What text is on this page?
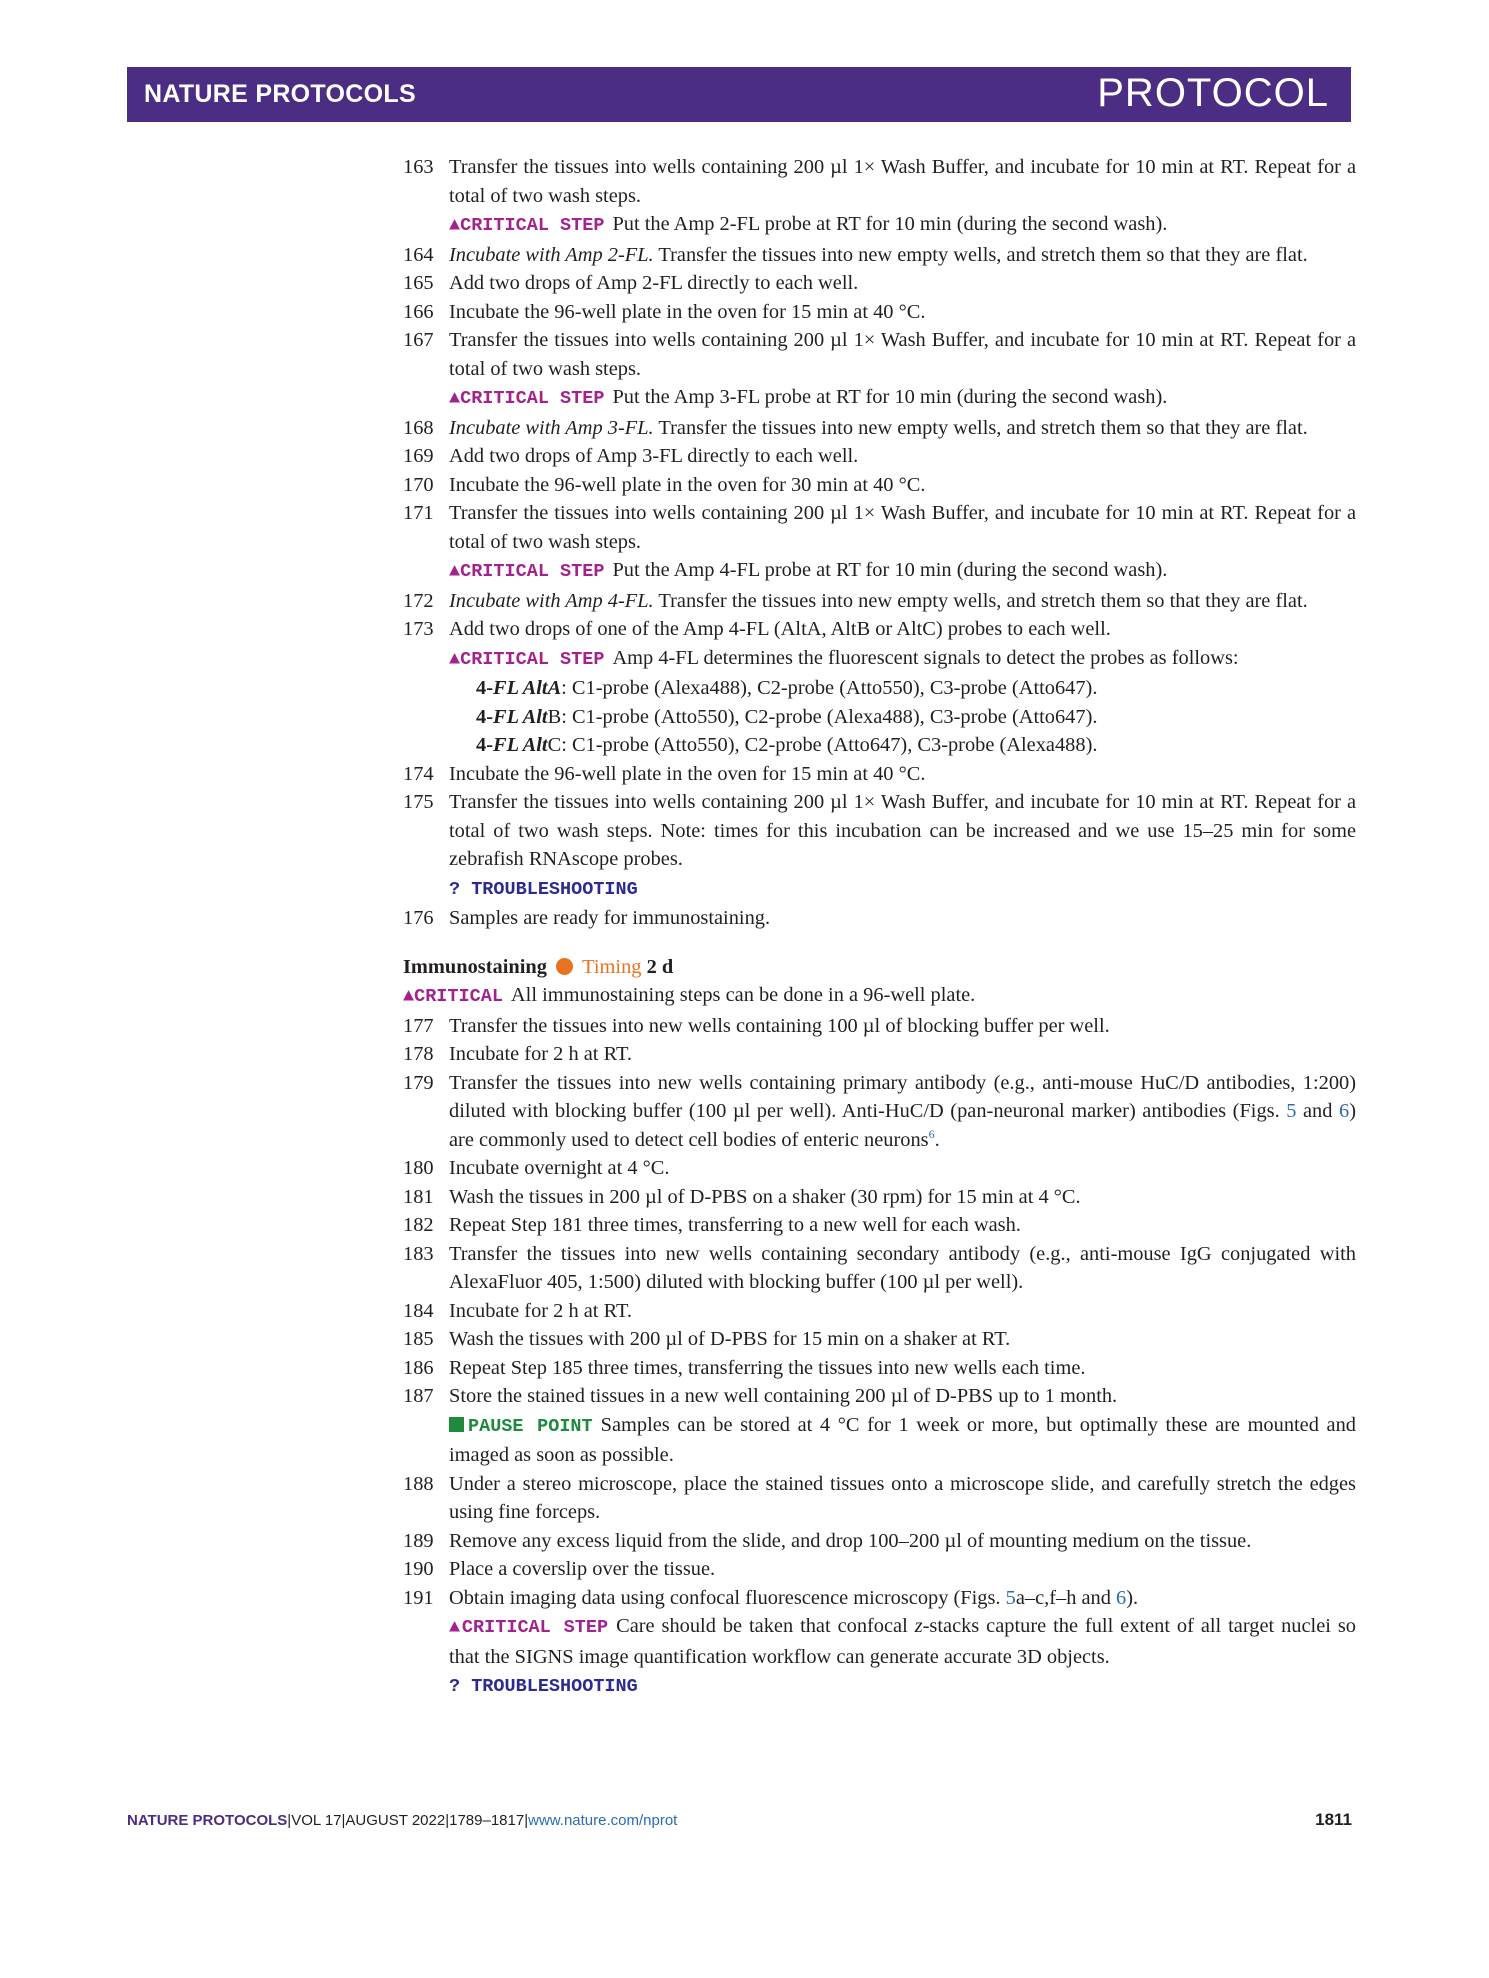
NATURE PROTOCOLS	PROTOCOL
163 Transfer the tissues into wells containing 200 µl 1× Wash Buffer, and incubate for 10 min at RT. Repeat for a total of two wash steps.
▲CRITICAL STEP Put the Amp 2-FL probe at RT for 10 min (during the second wash).
164 Incubate with Amp 2-FL. Transfer the tissues into new empty wells, and stretch them so that they are flat.
165 Add two drops of Amp 2-FL directly to each well.
166 Incubate the 96-well plate in the oven for 15 min at 40 °C.
167 Transfer the tissues into wells containing 200 µl 1× Wash Buffer, and incubate for 10 min at RT. Repeat for a total of two wash steps.
▲CRITICAL STEP Put the Amp 3-FL probe at RT for 10 min (during the second wash).
168 Incubate with Amp 3-FL. Transfer the tissues into new empty wells, and stretch them so that they are flat.
169 Add two drops of Amp 3-FL directly to each well.
170 Incubate the 96-well plate in the oven for 30 min at 40 °C.
171 Transfer the tissues into wells containing 200 µl 1× Wash Buffer, and incubate for 10 min at RT. Repeat for a total of two wash steps.
▲CRITICAL STEP Put the Amp 4-FL probe at RT for 10 min (during the second wash).
172 Incubate with Amp 4-FL. Transfer the tissues into new empty wells, and stretch them so that they are flat.
173 Add two drops of one of the Amp 4-FL (AltA, AltB or AltC) probes to each well.
▲CRITICAL STEP Amp 4-FL determines the fluorescent signals to detect the probes as follows:
4-FL AltA: C1-probe (Alexa488), C2-probe (Atto550), C3-probe (Atto647).
4-FL AltB: C1-probe (Atto550), C2-probe (Alexa488), C3-probe (Atto647).
4-FL AltC: C1-probe (Atto550), C2-probe (Atto647), C3-probe (Alexa488).
174 Incubate the 96-well plate in the oven for 15 min at 40 °C.
175 Transfer the tissues into wells containing 200 µl 1× Wash Buffer, and incubate for 10 min at RT. Repeat for a total of two wash steps. Note: times for this incubation can be increased and we use 15–25 min for some zebrafish RNAscope probes.
? TROUBLESHOOTING
176 Samples are ready for immunostaining.
Immunostaining Timing 2 d
▲CRITICAL All immunostaining steps can be done in a 96-well plate.
177 Transfer the tissues into new wells containing 100 µl of blocking buffer per well.
178 Incubate for 2 h at RT.
179 Transfer the tissues into new wells containing primary antibody (e.g., anti-mouse HuC/D antibodies, 1:200) diluted with blocking buffer (100 µl per well). Anti-HuC/D (pan-neuronal marker) antibodies (Figs. 5 and 6) are commonly used to detect cell bodies of enteric neurons$^6$.
180 Incubate overnight at 4 °C.
181 Wash the tissues in 200 µl of D-PBS on a shaker (30 rpm) for 15 min at 4 °C.
182 Repeat Step 181 three times, transferring to a new well for each wash.
183 Transfer the tissues into new wells containing secondary antibody (e.g., anti-mouse IgG conjugated with AlexaFluor 405, 1:500) diluted with blocking buffer (100 µl per well).
184 Incubate for 2 h at RT.
185 Wash the tissues with 200 µl of D-PBS for 15 min on a shaker at RT.
186 Repeat Step 185 three times, transferring the tissues into new wells each time.
187 Store the stained tissues in a new well containing 200 µl of D-PBS up to 1 month.
PAUSE POINT Samples can be stored at 4 °C for 1 week or more, but optimally these are mounted and imaged as soon as possible.
188 Under a stereo microscope, place the stained tissues onto a microscope slide, and carefully stretch the edges using fine forceps.
189 Remove any excess liquid from the slide, and drop 100–200 µl of mounting medium on the tissue.
190 Place a coverslip over the tissue.
191 Obtain imaging data using confocal fluorescence microscopy (Figs. 5a–c,f–h and 6).
▲CRITICAL STEP Care should be taken that confocal z-stacks capture the full extent of all target nuclei so that the SIGNS image quantification workflow can generate accurate 3D objects.
? TROUBLESHOOTING
NATURE PROTOCOLS|VOL 17|AUGUST 2022|1789–1817|www.nature.com/nprot	1811
